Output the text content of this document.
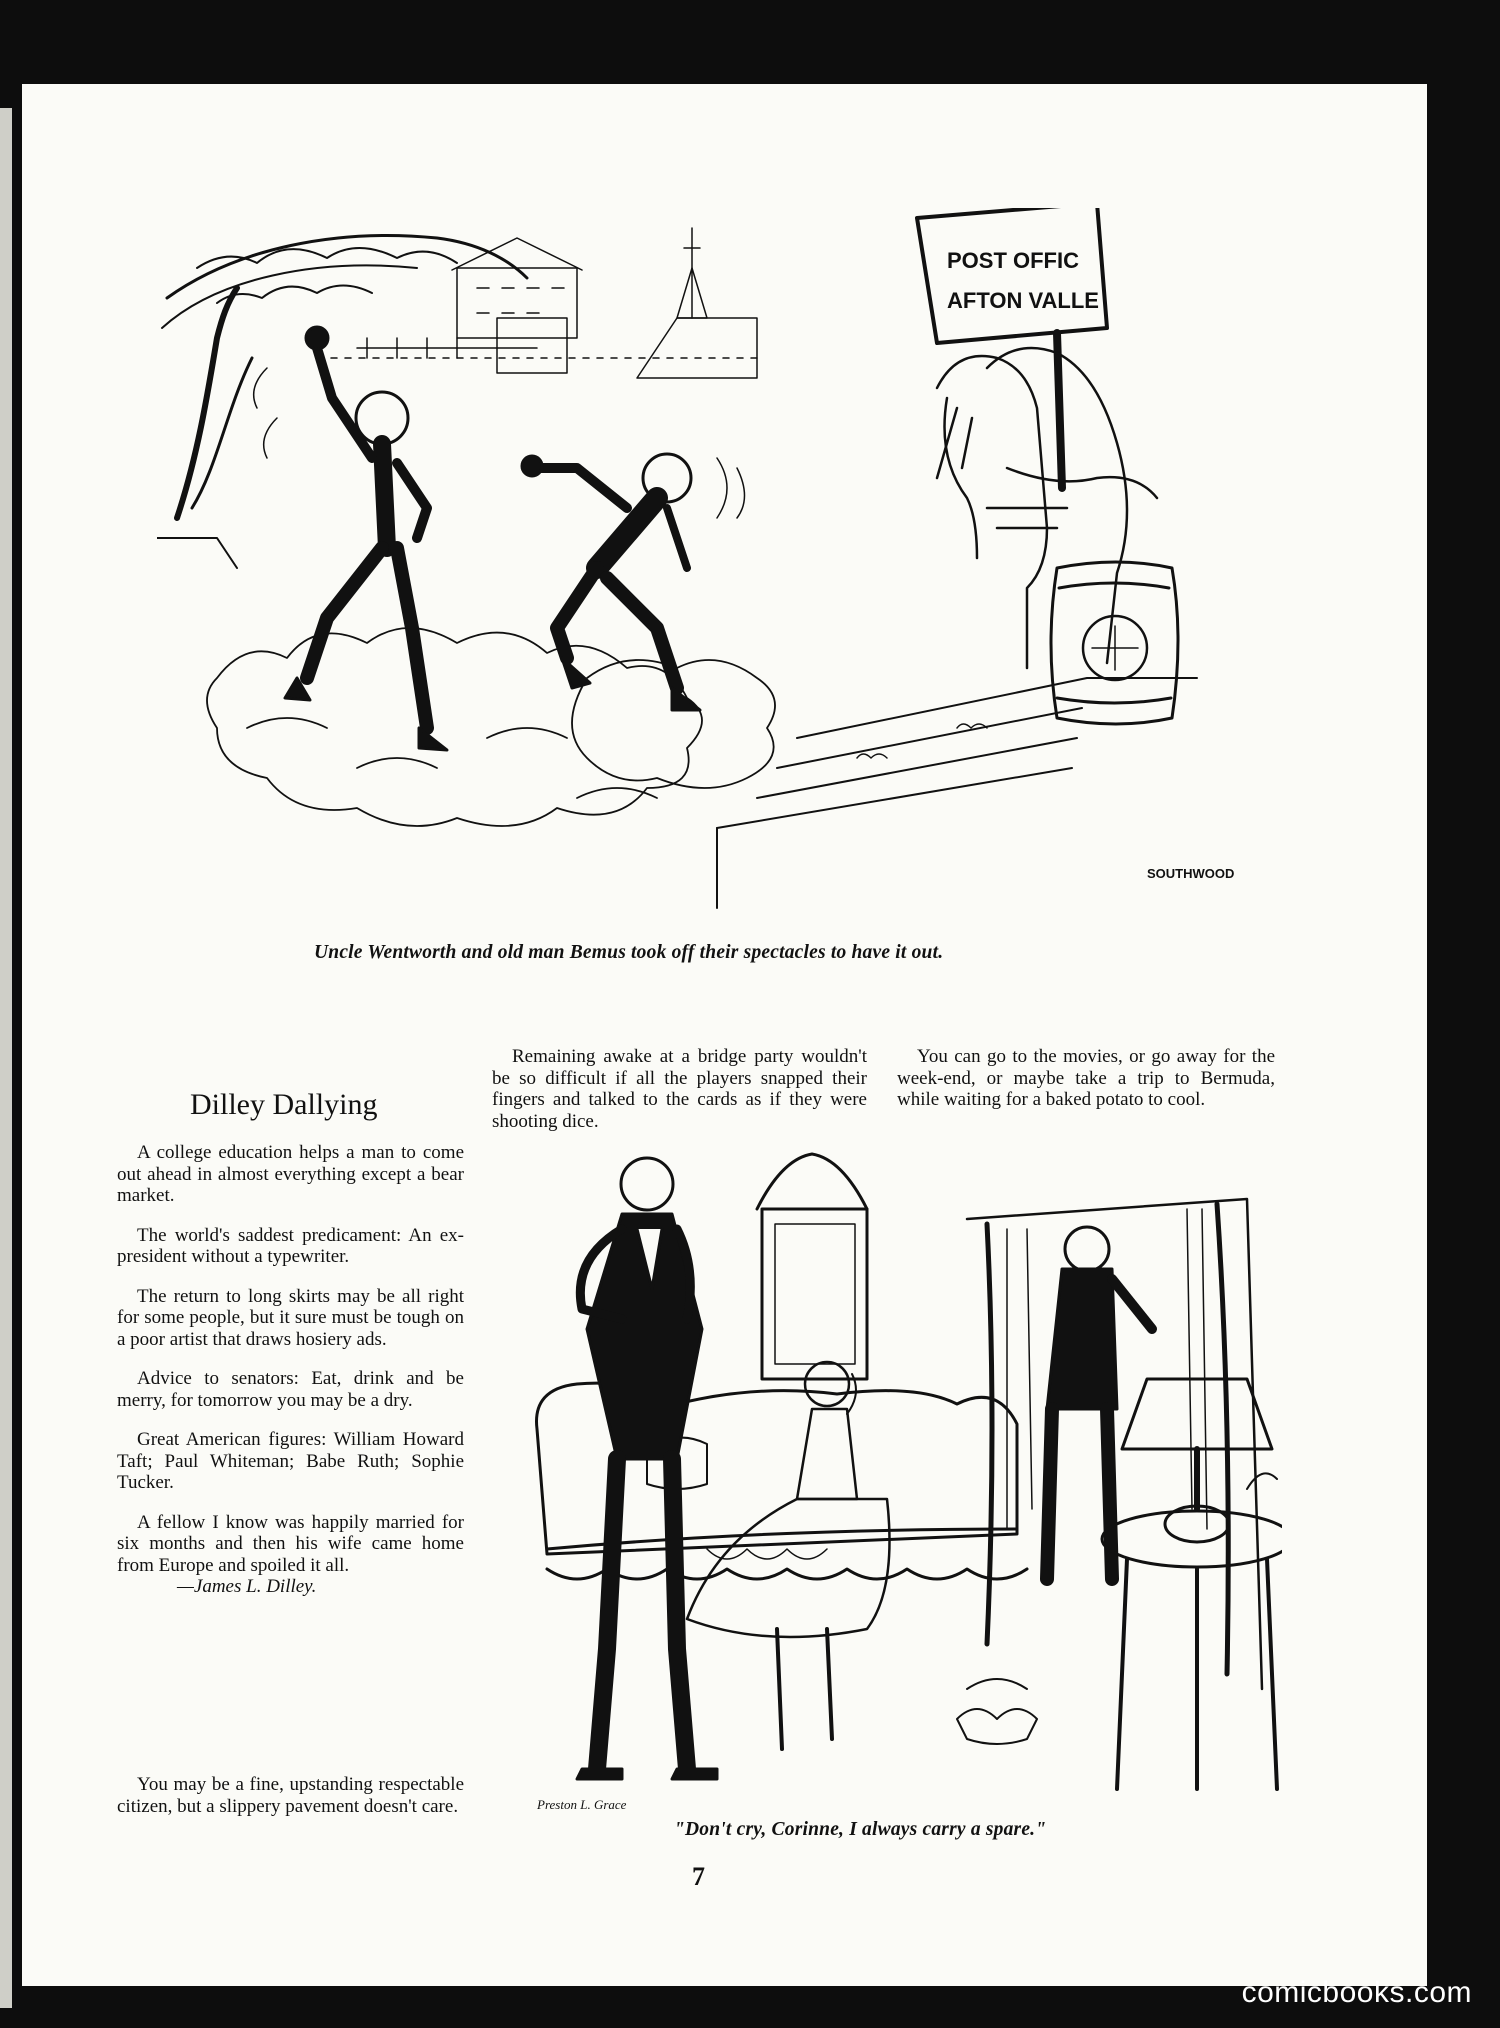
POST OFFIC
AFTON VALLE
SOUTHWOOD
Uncle Wentworth and old man Bemus took off their spectacles to have it out.
Dilley Dallying

A college education helps a man to come out ahead in almost everything except a bear market.

The world's saddest predicament: An ex-president without a typewriter.

The return to long skirts may be all right for some people, but it sure must be tough on a poor artist that draws hosiery ads.

Advice to senators: Eat, drink and be merry, for tomorrow you may be a dry.

Great American figures: William Howard Taft; Paul Whiteman; Babe Ruth; Sophie Tucker.

A fellow I know was happily married for six months and then his wife came home from Europe and spoiled it all.

—James L. Dilley.

You may be a fine, upstanding respectable citizen, but a slippery pavement doesn't care.

Remaining awake at a bridge party wouldn't be so difficult if all the players snapped their fingers and talked to the cards as if they were shooting dice.

You can go to the movies, or go away for the week-end, or maybe take a trip to Bermuda, while waiting for a baked potato to cool.

Preston L. Grace
"Don't cry, Corinne, I always carry a spare."
7
comicbooks.com
